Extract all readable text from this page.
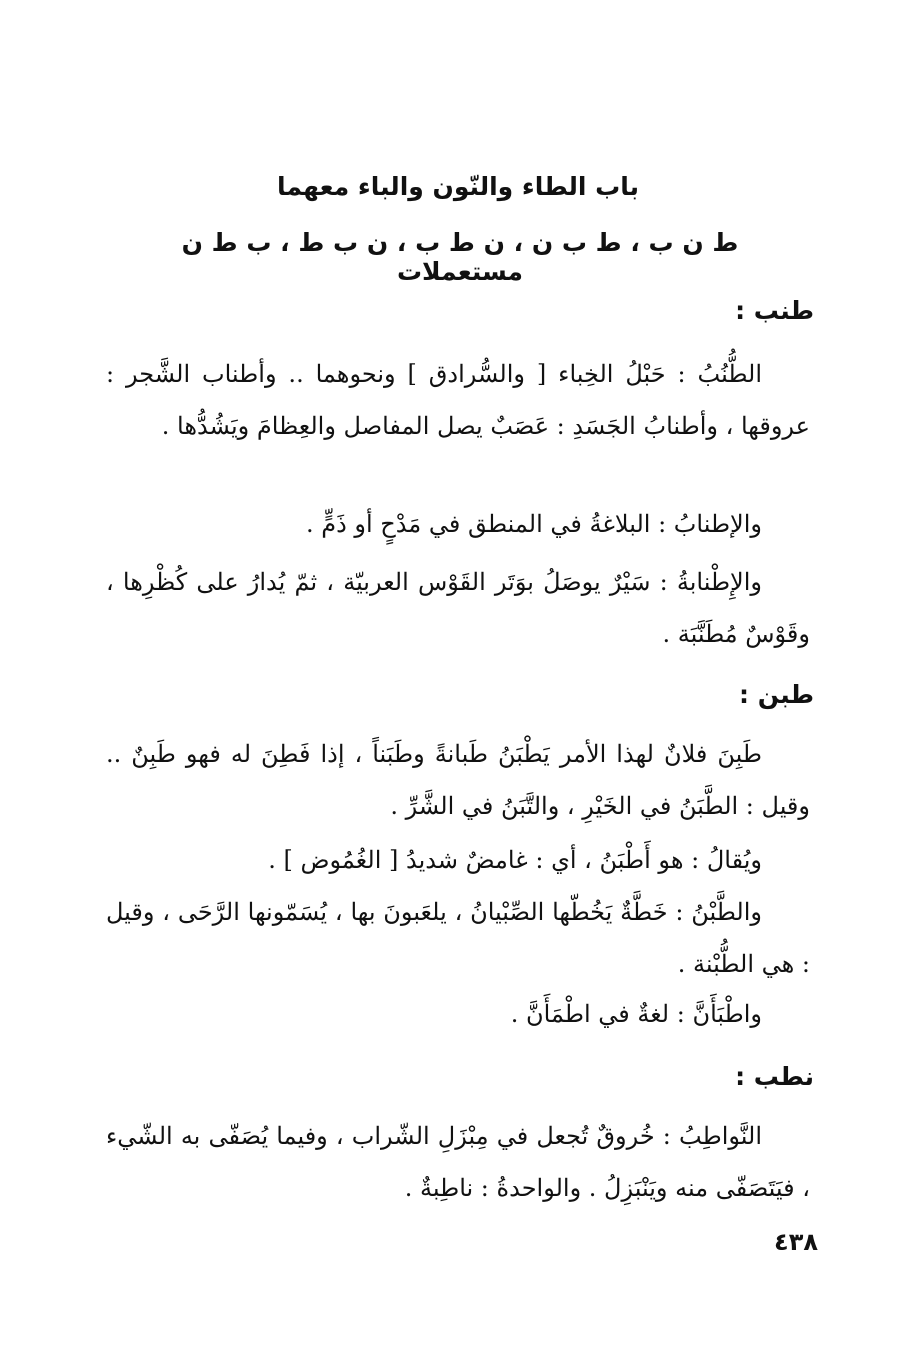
باب الطاء والنّون والباء معهما
ط ن ب ، ط ب ن ، ن ط ب ، ن ب ط ، ب ط ن مستعملات
طنب :
الطُّنُبُ : حَبْلُ الخِباء [ والسُّرادق ] ونحوهما .. وأطناب الشَّجر : عروقها ، وأطنابُ الجَسَدِ : عَصَبٌ يصل المفاصل والعِظامَ ويَشُدُّها .
والإطنابُ : البلاغةُ في المنطق في مَدْحٍ أو ذَمٍّ .
والإِطْنابةُ : سَيْرٌ يوصَلُ بوَتَر القَوْس العربيّة ، ثمّ يُدارُ على كُظْرِها ، وقَوْسٌ مُطَنَّبَة .
طبن :
طَبِنَ فلانٌ لهذا الأمر يَطْبَنُ طَبانةً وطَبَناً ، إذا فَطِنَ له فهو طَبِنٌ .. وقيل : الطَّبَنُ في الخَيْرِ ، والتَّبَنُ في الشَّرِّ .
ويُقالُ : هو أَطْبَنُ ، أي : غامضٌ شديدُ [ الغُمُوض ] .
والطَّبْنُ : خَطَّةٌ يَخُطّها الصِّبْيانُ ، يلعَبونَ بها ، يُسَمّونها الرَّحَى ، وقيل : هي الطُّبْنة .
واطْبَأَنَّ : لغةٌ في اطْمَأَنَّ .
نطب :
النَّواطِبُ : خُروقٌ تُجعل في مِبْزَلِ الشّراب ، وفيما يُصَفّى به الشّيء ، فيَتَصَفّى منه ويَنْبَزِلُ . والواحدةُ : ناطِبةٌ .
٤٣٨
